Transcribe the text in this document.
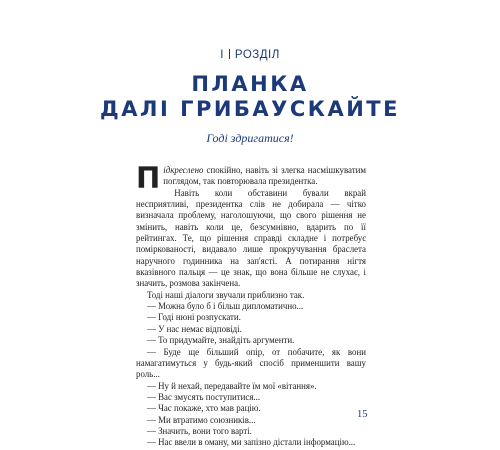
І РОЗДІЛ
ПЛАНКА
ДАЛІ ГРИБАУСКАЙТЕ
Годі здригатися!

Підкреслено спокійно, навіть зі злегка насмішкуватим поглядом, так повторювала президентка.

Навіть коли обставини бували вкрай несприятливі, президентка слів не добирала — чітко визначала проблему, наголошуючи, що свого рішення не змінить, навіть коли це, безсумнівно, вдарить по її рейтингах. Те, що рішення справді складне і потребує поміркованості, видавало лише прокручування браслета наручного годинника на зап'ясті. А потирання нігтя вказівного пальця — це знак, що вона більше не слухає, і значить, розмова закінчена.

Тоді наші діалоги звучали приблизно так.

— Можна було б і більш дипломатично...

— Годі нюні розпускати.

— У нас немає відповіді.

— То придумайте, знайдіть аргументи.

— Буде ще більший опір, от побачите, як вони намагатимуться у будь-який спосіб применшити вашу роль...

— Ну й нехай, передавайте їм мої «вітання».

— Вас змусять поступитися...

— Час покаже, хто мав рацію.

— Ми втратимо союзників...

— Значить, вони того варті.

— Нас ввели в оману, ми запізно дістали інформацію...

15
